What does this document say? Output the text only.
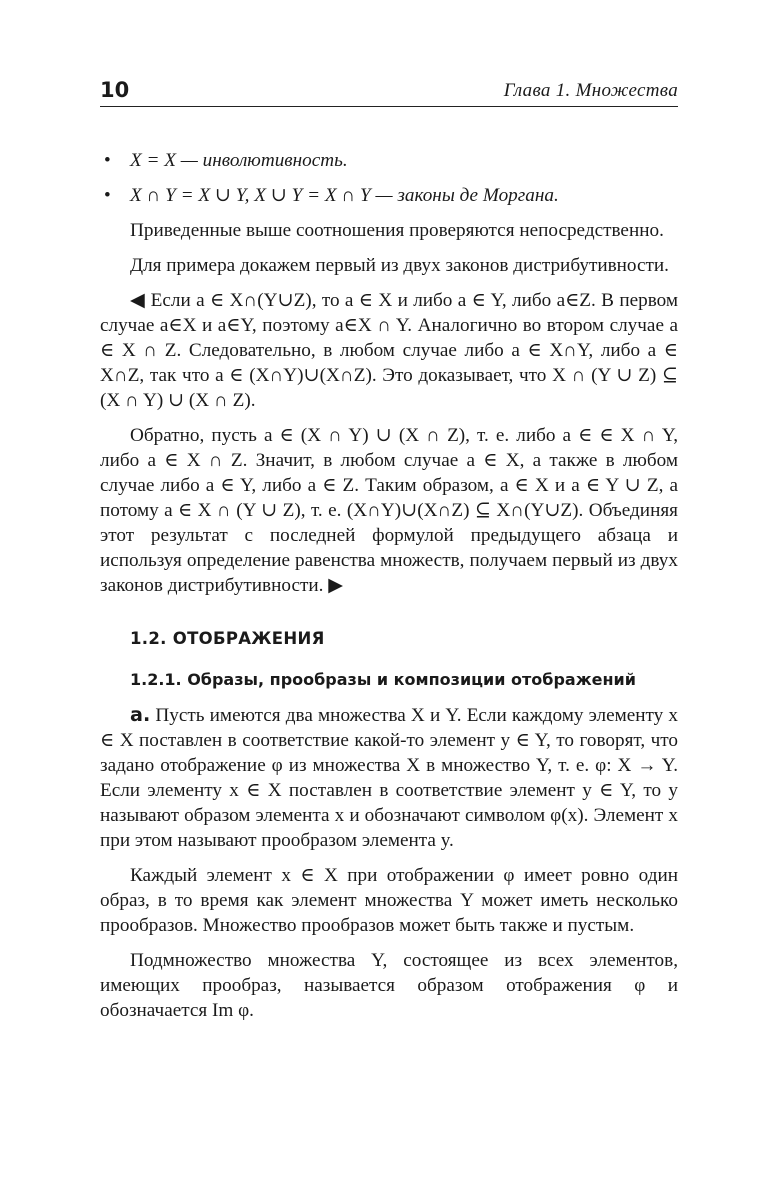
10	Глава 1. Множества
• X = X — инволютивность.
• X ∩ Y = X ∪ Y, X ∪ Y = X ∩ Y — законы де Моргана.

Приведенные выше соотношения проверяются непосредственно.

Для примера докажем первый из двух законов дистрибутивности.

◀ Если a ∈ X∩(Y∪Z), то a ∈ X и либо a ∈ Y, либо a∈Z. В первом случае a∈X и a∈Y, поэтому a∈X ∩ Y. Аналогично во втором случае a ∈ X ∩ Z. Следовательно, в любом случае либо a ∈ X∩Y, либо a ∈ X∩Z, так что a ∈ (X∩Y)∪(X∩Z). Это доказывает, что X ∩ (Y ∪ Z) ⊆ (X ∩ Y) ∪ (X ∩ Z).

Обратно, пусть a ∈ (X ∩ Y) ∪ (X ∩ Z), т. е. либо a ∈ ∈ X ∩ Y, либо a ∈ X ∩ Z. Значит, в любом случае a ∈ X, а также в любом случае либо a ∈ Y, либо a ∈ Z. Таким образом, a ∈ X и a ∈ Y ∪ Z, а потому a ∈ X ∩ (Y ∪ Z), т. е. (X∩Y)∪(X∩Z) ⊆ X∩(Y∪Z). Объединяя этот результат с последней формулой предыдущего абзаца и используя определение равенства множеств, получаем первый из двух законов дистрибутивности. ▶

1.2. ОТОБРАЖЕНИЯ
1.2.1. Образы, прообразы и композиции отображений

а. Пусть имеются два множества X и Y. Если каждому элементу x ∈ X поставлен в соответствие какой-то элемент y ∈ Y, то говорят, что задано отображение φ из множества X в множество Y, т. е. φ: X → Y. Если элементу x ∈ X поставлен в соответствие элемент y ∈ Y, то y называют образом элемента x и обозначают символом φ(x). Элемент x при этом называют прообразом элемента y.

Каждый элемент x ∈ X при отображении φ имеет ровно один образ, в то время как элемент множества Y может иметь несколько прообразов. Множество прообразов может быть также и пустым.

Подмножество множества Y, состоящее из всех элементов, имеющих прообраз, называется образом отображения φ и обозначается Im φ.
